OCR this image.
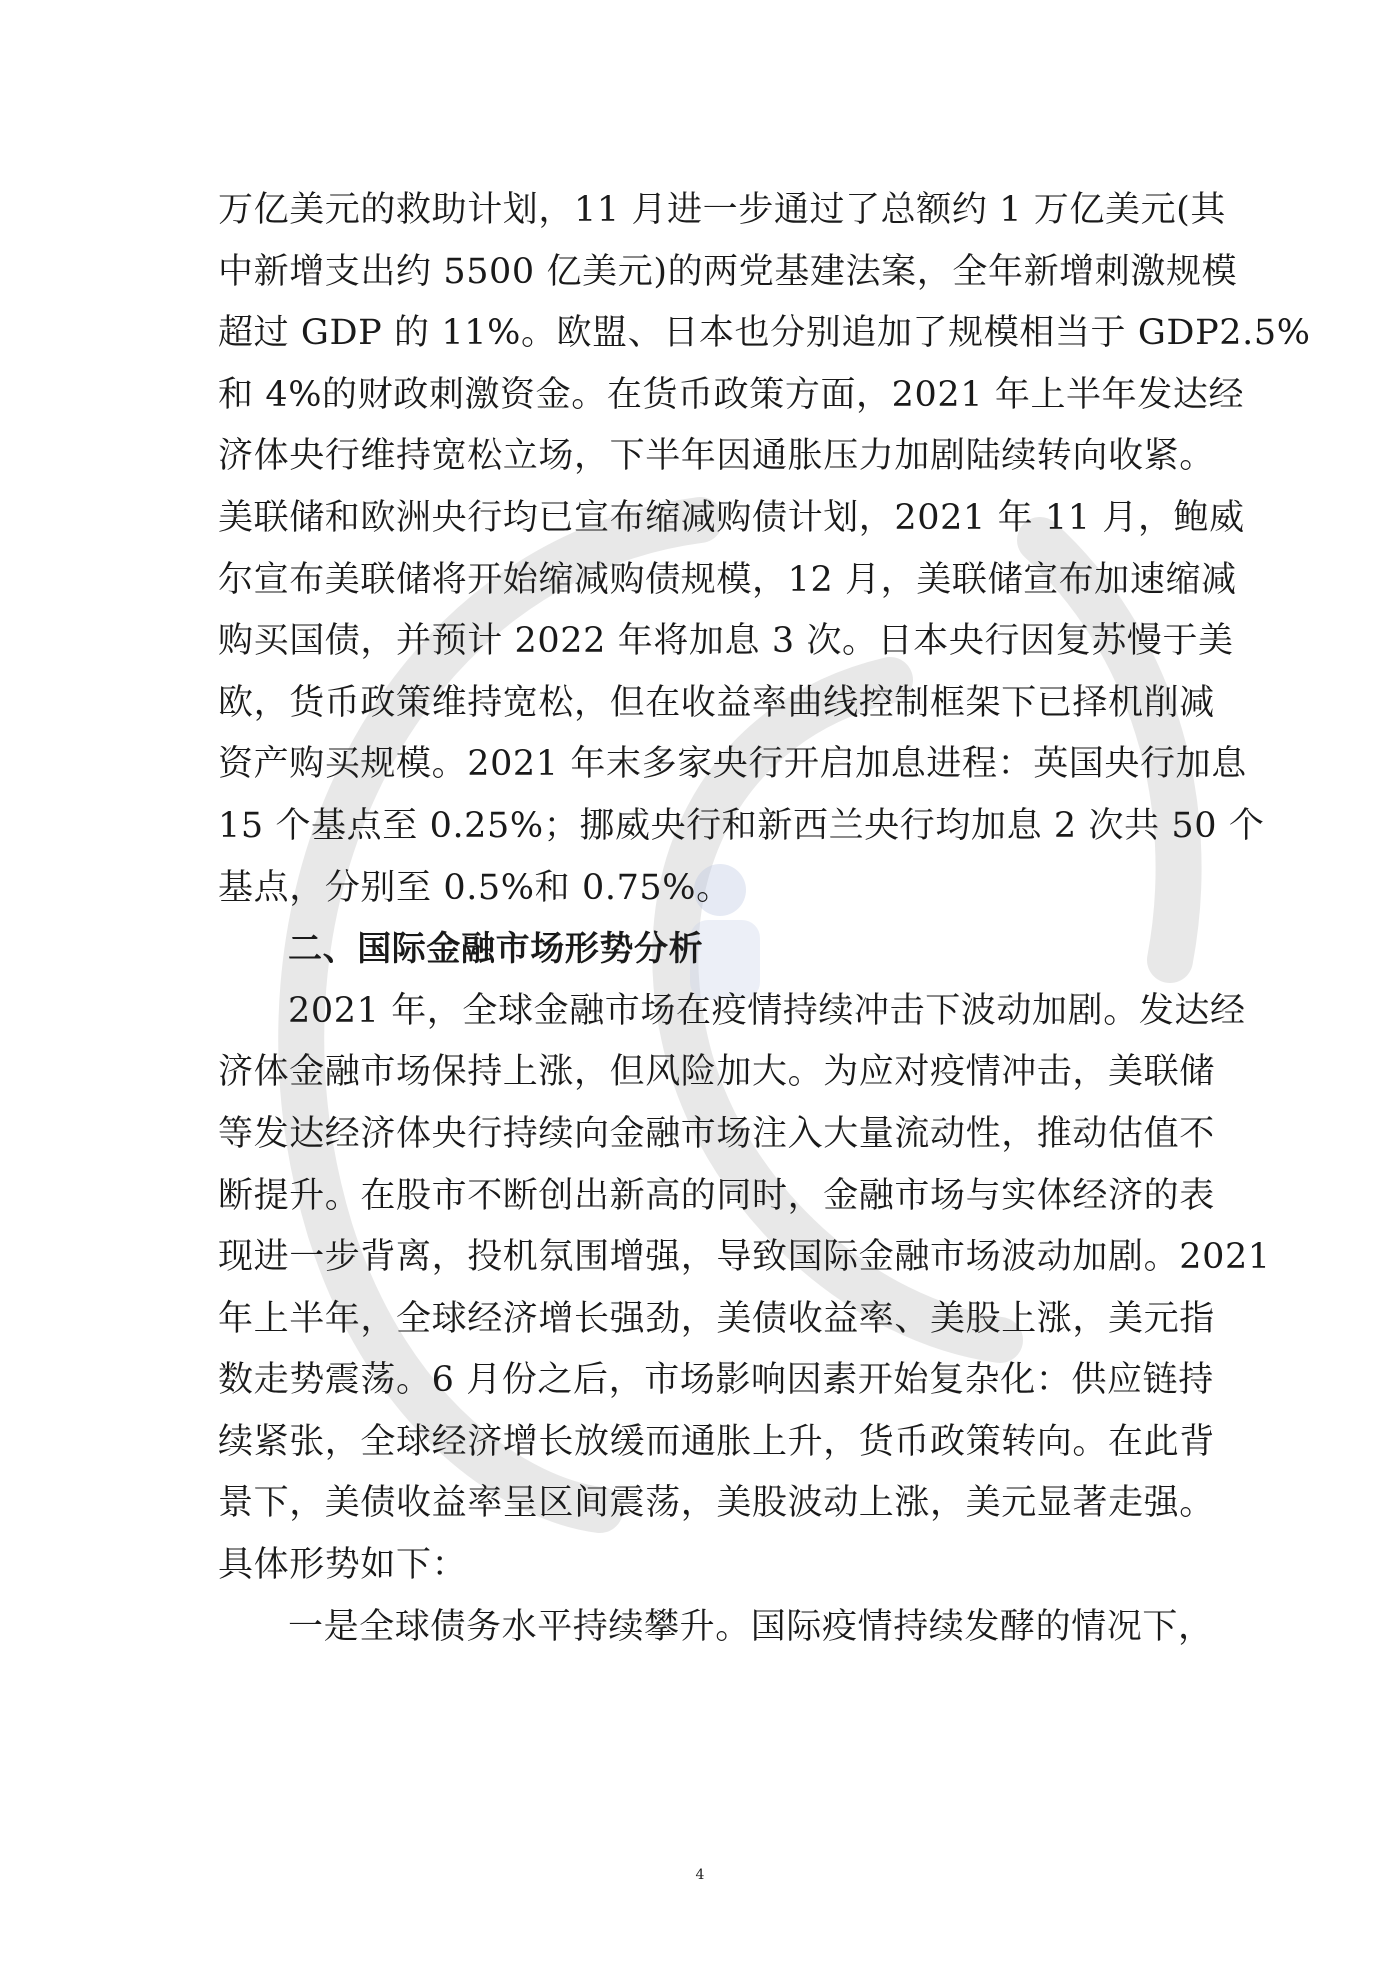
万亿美元的救助计划，11 月进一步通过了总额约 1 万亿美元(其
中新增支出约 5500 亿美元)的两党基建法案，全年新增刺激规模
超过 GDP 的 11%。欧盟、日本也分别追加了规模相当于 GDP2.5%
和 4%的财政刺激资金。在货币政策方面，2021 年上半年发达经
济体央行维持宽松立场，下半年因通胀压力加剧陆续转向收紧。
美联储和欧洲央行均已宣布缩减购债计划，2021 年 11 月，鲍威
尔宣布美联储将开始缩减购债规模，12 月，美联储宣布加速缩减
购买国债，并预计 2022 年将加息 3 次。日本央行因复苏慢于美
欧，货币政策维持宽松，但在收益率曲线控制框架下已择机削减
资产购买规模。2021 年末多家央行开启加息进程：英国央行加息
15 个基点至 0.25%；挪威央行和新西兰央行均加息 2 次共 50 个
基点，分别至 0.5%和 0.75%。
二、国际金融市场形势分析
2021 年，全球金融市场在疫情持续冲击下波动加剧。发达经
济体金融市场保持上涨，但风险加大。为应对疫情冲击，美联储
等发达经济体央行持续向金融市场注入大量流动性，推动估值不
断提升。在股市不断创出新高的同时，金融市场与实体经济的表
现进一步背离，投机氛围增强，导致国际金融市场波动加剧。2021
年上半年，全球经济增长强劲，美债收益率、美股上涨，美元指
数走势震荡。6 月份之后，市场影响因素开始复杂化：供应链持
续紧张，全球经济增长放缓而通胀上升，货币政策转向。在此背
景下，美债收益率呈区间震荡，美股波动上涨，美元显著走强。
具体形势如下：
一是全球债务水平持续攀升。国际疫情持续发酵的情况下，
4
